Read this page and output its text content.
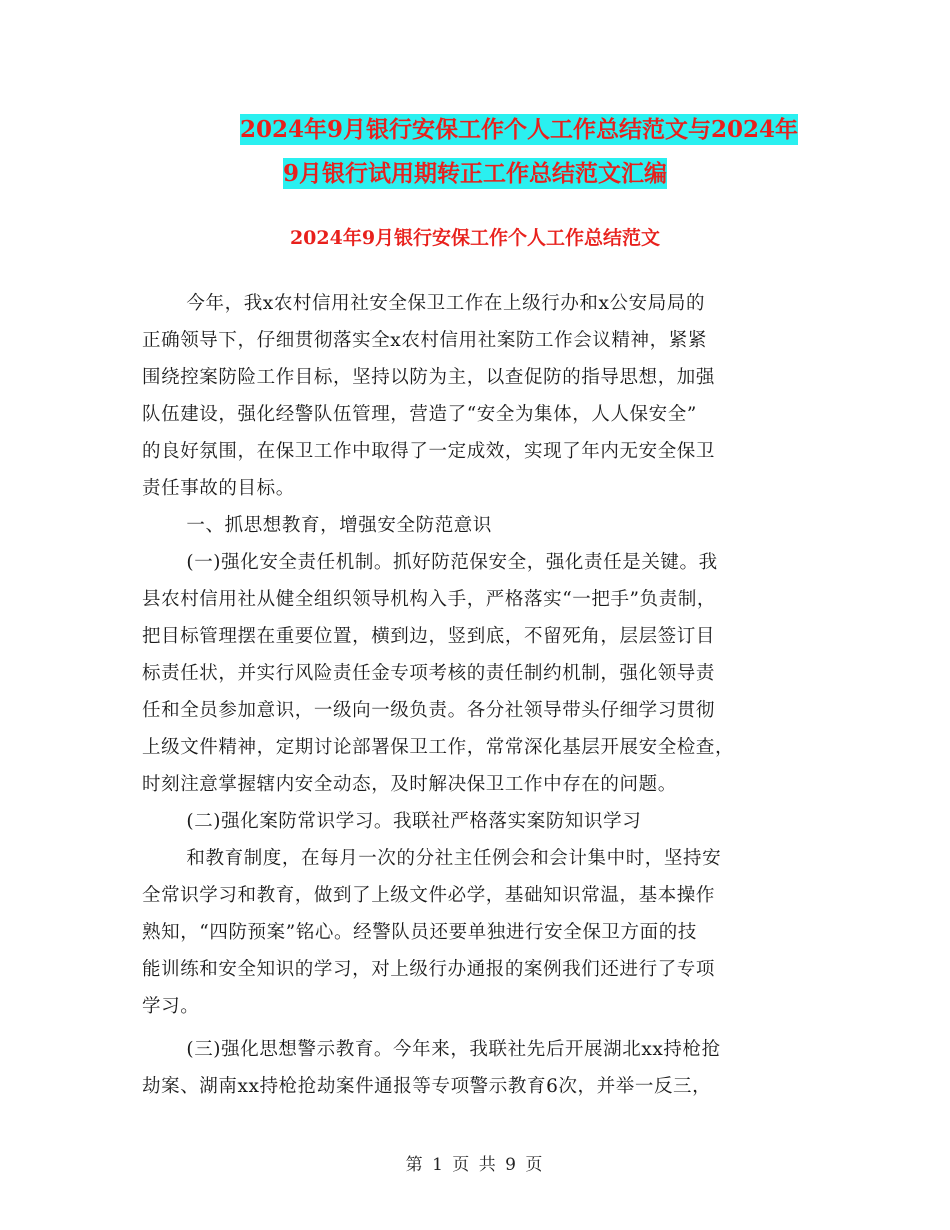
2024年9月银行安保工作个人工作总结范文与2024年
9月银行试用期转正工作总结范文汇编
2024年9月银行安保工作个人工作总结范文
今年，我x农村信用社安全保卫工作在上级行办和x公安局局的
正确领导下，仔细贯彻落实全x农村信用社案防工作会议精神，紧紧
围绕控案防险工作目标，坚持以防为主，以查促防的指导思想，加强
队伍建设，强化经警队伍管理，营造了“安全为集体，人人保安全”
的良好氛围，在保卫工作中取得了一定成效，实现了年内无安全保卫
责任事故的目标。
一、抓思想教育，增强安全防范意识
(一)强化安全责任机制。抓好防范保安全，强化责任是关键。我
县农村信用社从健全组织领导机构入手，严格落实“一把手”负责制，
把目标管理摆在重要位置，横到边，竖到底，不留死角，层层签订目
标责任状，并实行风险责任金专项考核的责任制约机制，强化领导责
任和全员参加意识，一级向一级负责。各分社领导带头仔细学习贯彻
上级文件精神，定期讨论部署保卫工作，常常深化基层开展安全检查，
时刻注意掌握辖内安全动态，及时解决保卫工作中存在的问题。
(二)强化案防常识学习。我联社严格落实案防知识学习
和教育制度，在每月一次的分社主任例会和会计集中时，坚持安
全常识学习和教育，做到了上级文件必学，基础知识常温，基本操作
熟知，“四防预案”铭心。经警队员还要单独进行安全保卫方面的技
能训练和安全知识的学习，对上级行办通报的案例我们还进行了专项
学习。
(三)强化思想警示教育。今年来，我联社先后开展湖北xx持枪抢
劫案、湖南xx持枪抢劫案件通报等专项警示教育6次，并举一反三，
第 1 页 共 9 页
